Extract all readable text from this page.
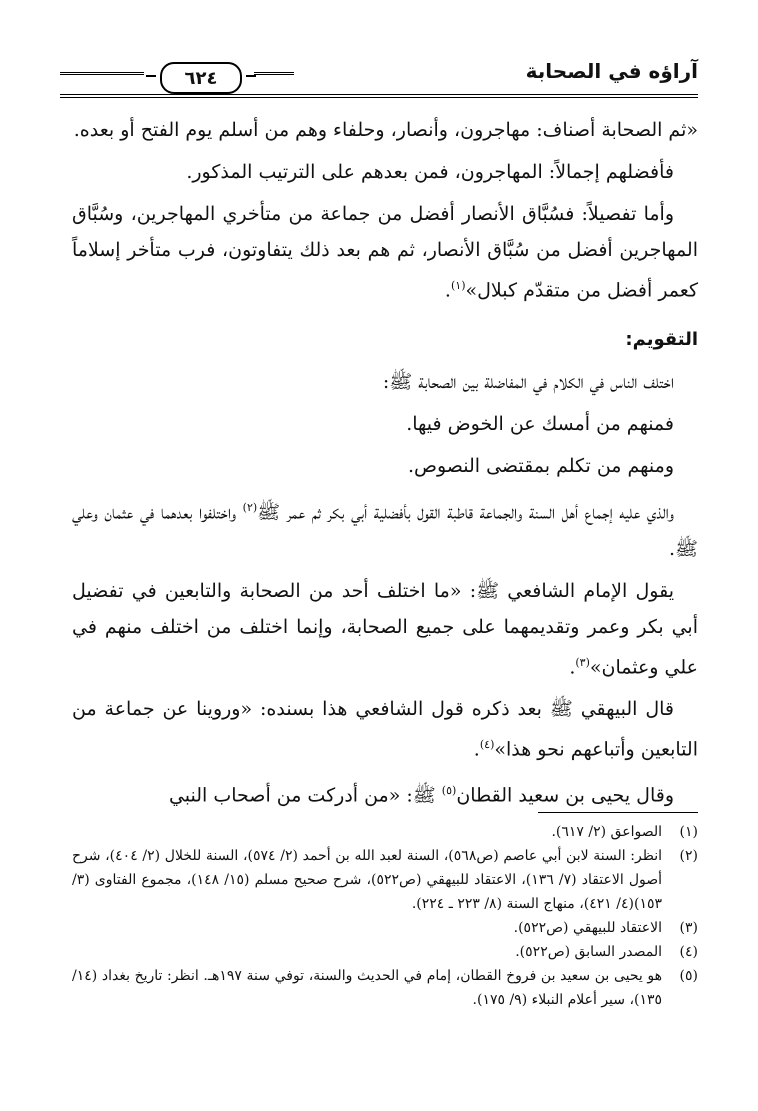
آراؤه في الصحابة
٦٢٤

«ثم الصحابة أصناف: مهاجرون، وأنصار، وحلفاء وهم من أسلم يوم الفتح أو بعده.

فأفضلهم إجمالاً: المهاجرون، فمن بعدهم على الترتيب المذكور.

وأما تفصيلاً: فسُبَّاق الأنصار أفضل من جماعة من متأخري المهاجرين، وسُبَّاق المهاجرين أفضل من سُبَّاق الأنصار، ثم هم بعد ذلك يتفاوتون، فرب متأخر إسلاماً كعمر أفضل من متقدّم كبلال»$^{(١)}$.

التقويم:

اختلف الناس في الكلام في المفاضلة بين الصحابة ﷺ:

فمنهم من أمسك عن الخوض فيها.

ومنهم من تكلم بمقتضى النصوص.

والذي عليه إجماع أهل السنة والجماعة قاطبة القول بأفضلية أبي بكر ثم عمر ﷺ$^{(٢)}$ واختلفوا بعدهما في عثمان وعلي ﷺ.

يقول الإمام الشافعي ﷺ: «ما اختلف أحد من الصحابة والتابعين في تفضيل أبي بكر وعمر وتقديمهما على جميع الصحابة، وإنما اختلف من اختلف منهم في علي وعثمان»$^{(٣)}$.

قال البيهقي ﷺ بعد ذكره قول الشافعي هذا بسنده: «وروينا عن جماعة من التابعين وأتباعهم نحو هذا»$^{(٤)}$.

وقال يحيى بن سعيد القطان$^{(٥)}$ ﷺ: «من أدركت من أصحاب النبي

(١)
الصواعق (٢/ ٦١٧).
(٢)
انظر: السنة لابن أبي عاصم (ص٥٦٨)، السنة لعبد الله بن أحمد (٢/ ٥٧٤)، السنة للخلال (٢/ ٤٠٤)، شرح أصول الاعتقاد (٧/ ١٣٦)، الاعتقاد للبيهقي (ص٥٢٢)، شرح صحيح مسلم (١٥/ ١٤٨)، مجموع الفتاوى (٣/ ١٥٣)(٤/ ٤٢١)، منهاج السنة (٨/ ٢٢٣ ـ ٢٢٤).
(٣)
الاعتقاد للبيهقي (ص٥٢٢).
(٤)
المصدر السابق (ص٥٢٢).
(٥)
هو يحيى بن سعيد بن فروخ القطان، إمام في الحديث والسنة، توفي سنة ١٩٧هـ. انظر: تاريخ بغداد (١٤/ ١٣٥)، سير أعلام النبلاء (٩/ ١٧٥).
